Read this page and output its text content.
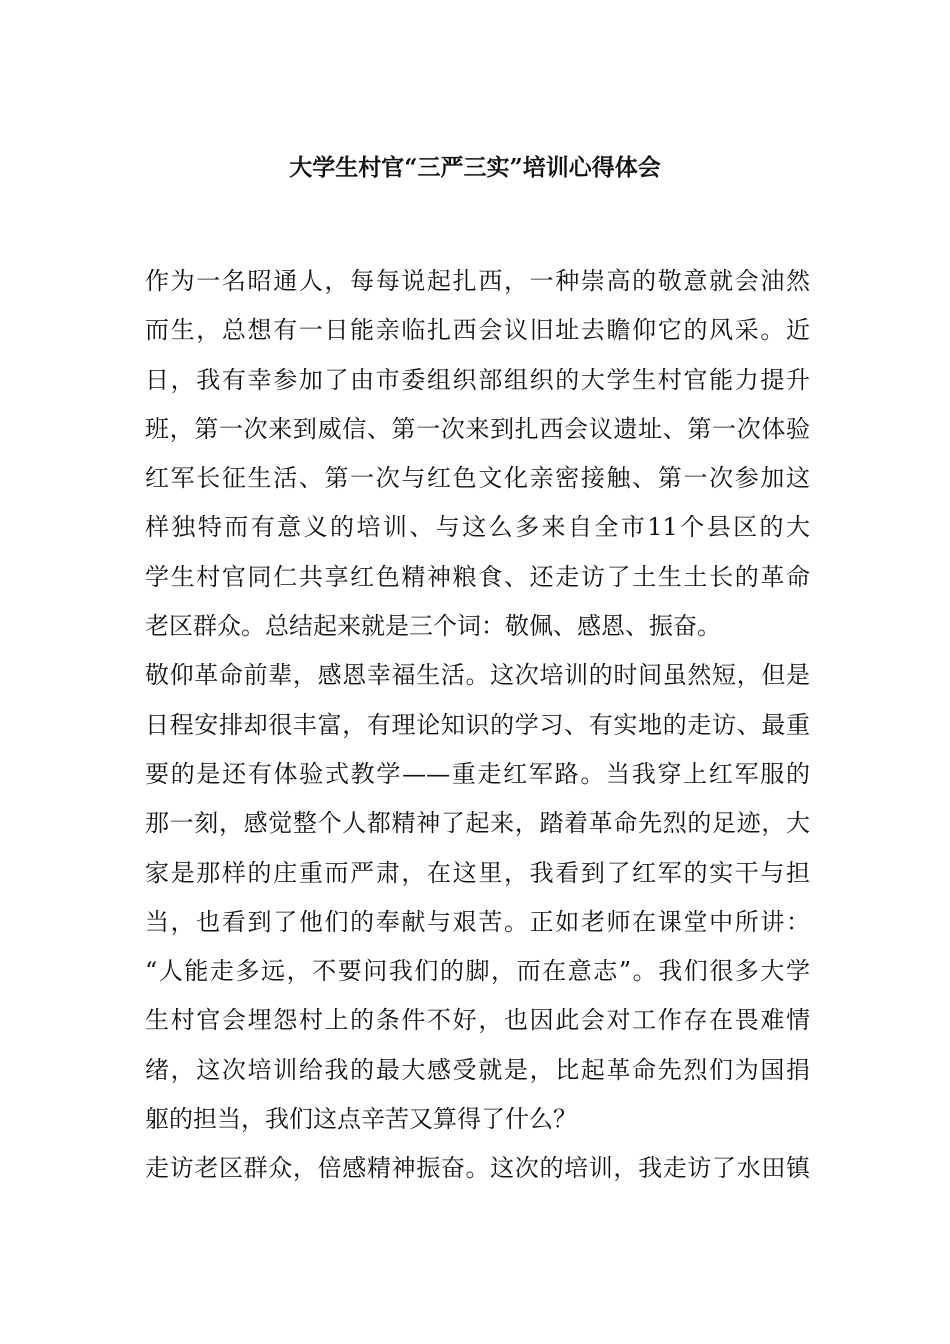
大学生村官“三严三实”培训心得体会
作为一名昭通人，每每说起扎西，一种崇高的敬意就会油然
而生，总想有一日能亲临扎西会议旧址去瞻仰它的风采。近
日，我有幸参加了由市委组织部组织的大学生村官能力提升
班，第一次来到威信、第一次来到扎西会议遗址、第一次体验
红军长征生活、第一次与红色文化亲密接触、第一次参加这
样独特而有意义的培训、与这么多来自全市11个县区的大
学生村官同仁共享红色精神粮食、还走访了土生土长的革命
老区群众。总结起来就是三个词：敬佩、感恩、振奋。
敬仰革命前辈，感恩幸福生活。这次培训的时间虽然短，但是
日程安排却很丰富，有理论知识的学习、有实地的走访、最重
要的是还有体验式教学——重走红军路。当我穿上红军服的
那一刻，感觉整个人都精神了起来，踏着革命先烈的足迹，大
家是那样的庄重而严肃，在这里，我看到了红军的实干与担
当，也看到了他们的奉献与艰苦。正如老师在课堂中所讲：
“人能走多远，不要问我们的脚，而在意志”。我们很多大学
生村官会埋怨村上的条件不好，也因此会对工作存在畏难情
绪，这次培训给我的最大感受就是，比起革命先烈们为国捐
躯的担当，我们这点辛苦又算得了什么？
走访老区群众，倍感精神振奋。这次的培训，我走访了水田镇
